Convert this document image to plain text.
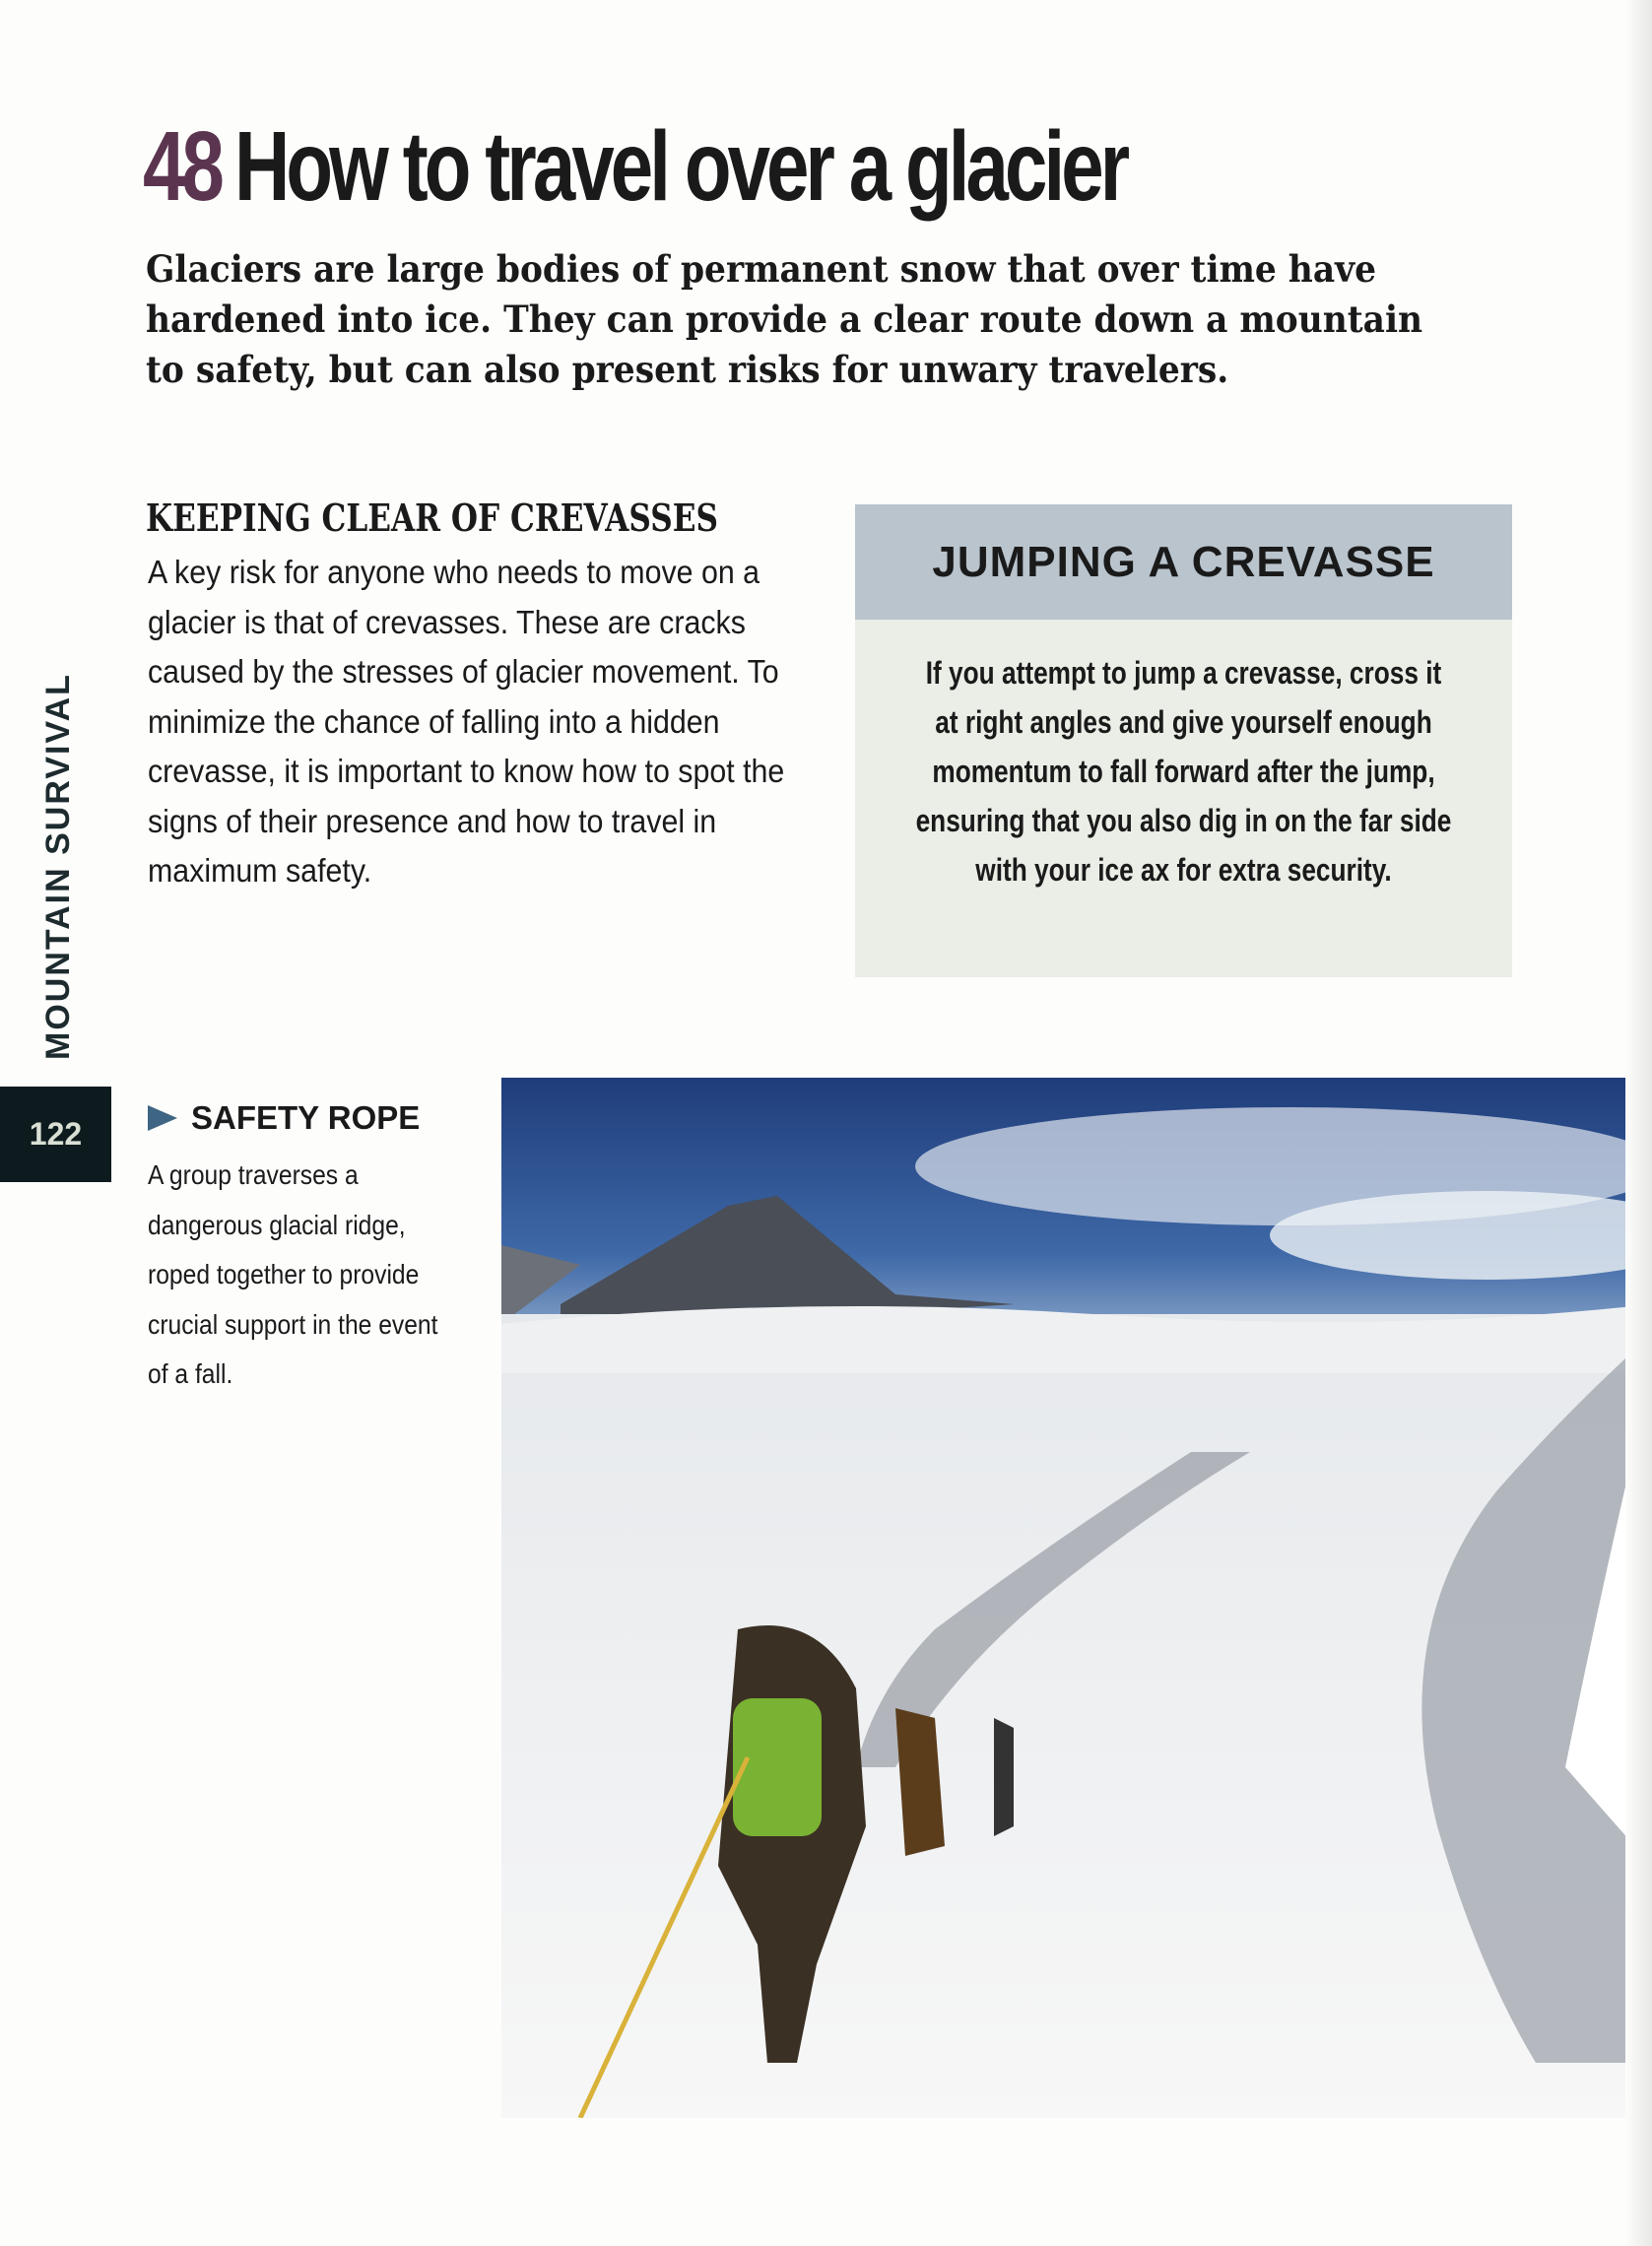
48 How to travel over a glacier
Glaciers are large bodies of permanent snow that over time have hardened into ice. They can provide a clear route down a mountain to safety, but can also present risks for unwary travelers.
KEEPING CLEAR OF CREVASSES
A key risk for anyone who needs to move on a glacier is that of crevasses. These are cracks caused by the stresses of glacier movement. To minimize the chance of falling into a hidden crevasse, it is important to know how to spot the signs of their presence and how to travel in maximum safety.
JUMPING A CREVASSE
If you attempt to jump a crevasse, cross it at right angles and give yourself enough momentum to fall forward after the jump, ensuring that you also dig in on the far side with your ice ax for extra security.
MOUNTAIN SURVIVAL
122	SAFETY ROPE
A group traverses a dangerous glacial ridge, roped together to provide crucial support in the event of a fall.
